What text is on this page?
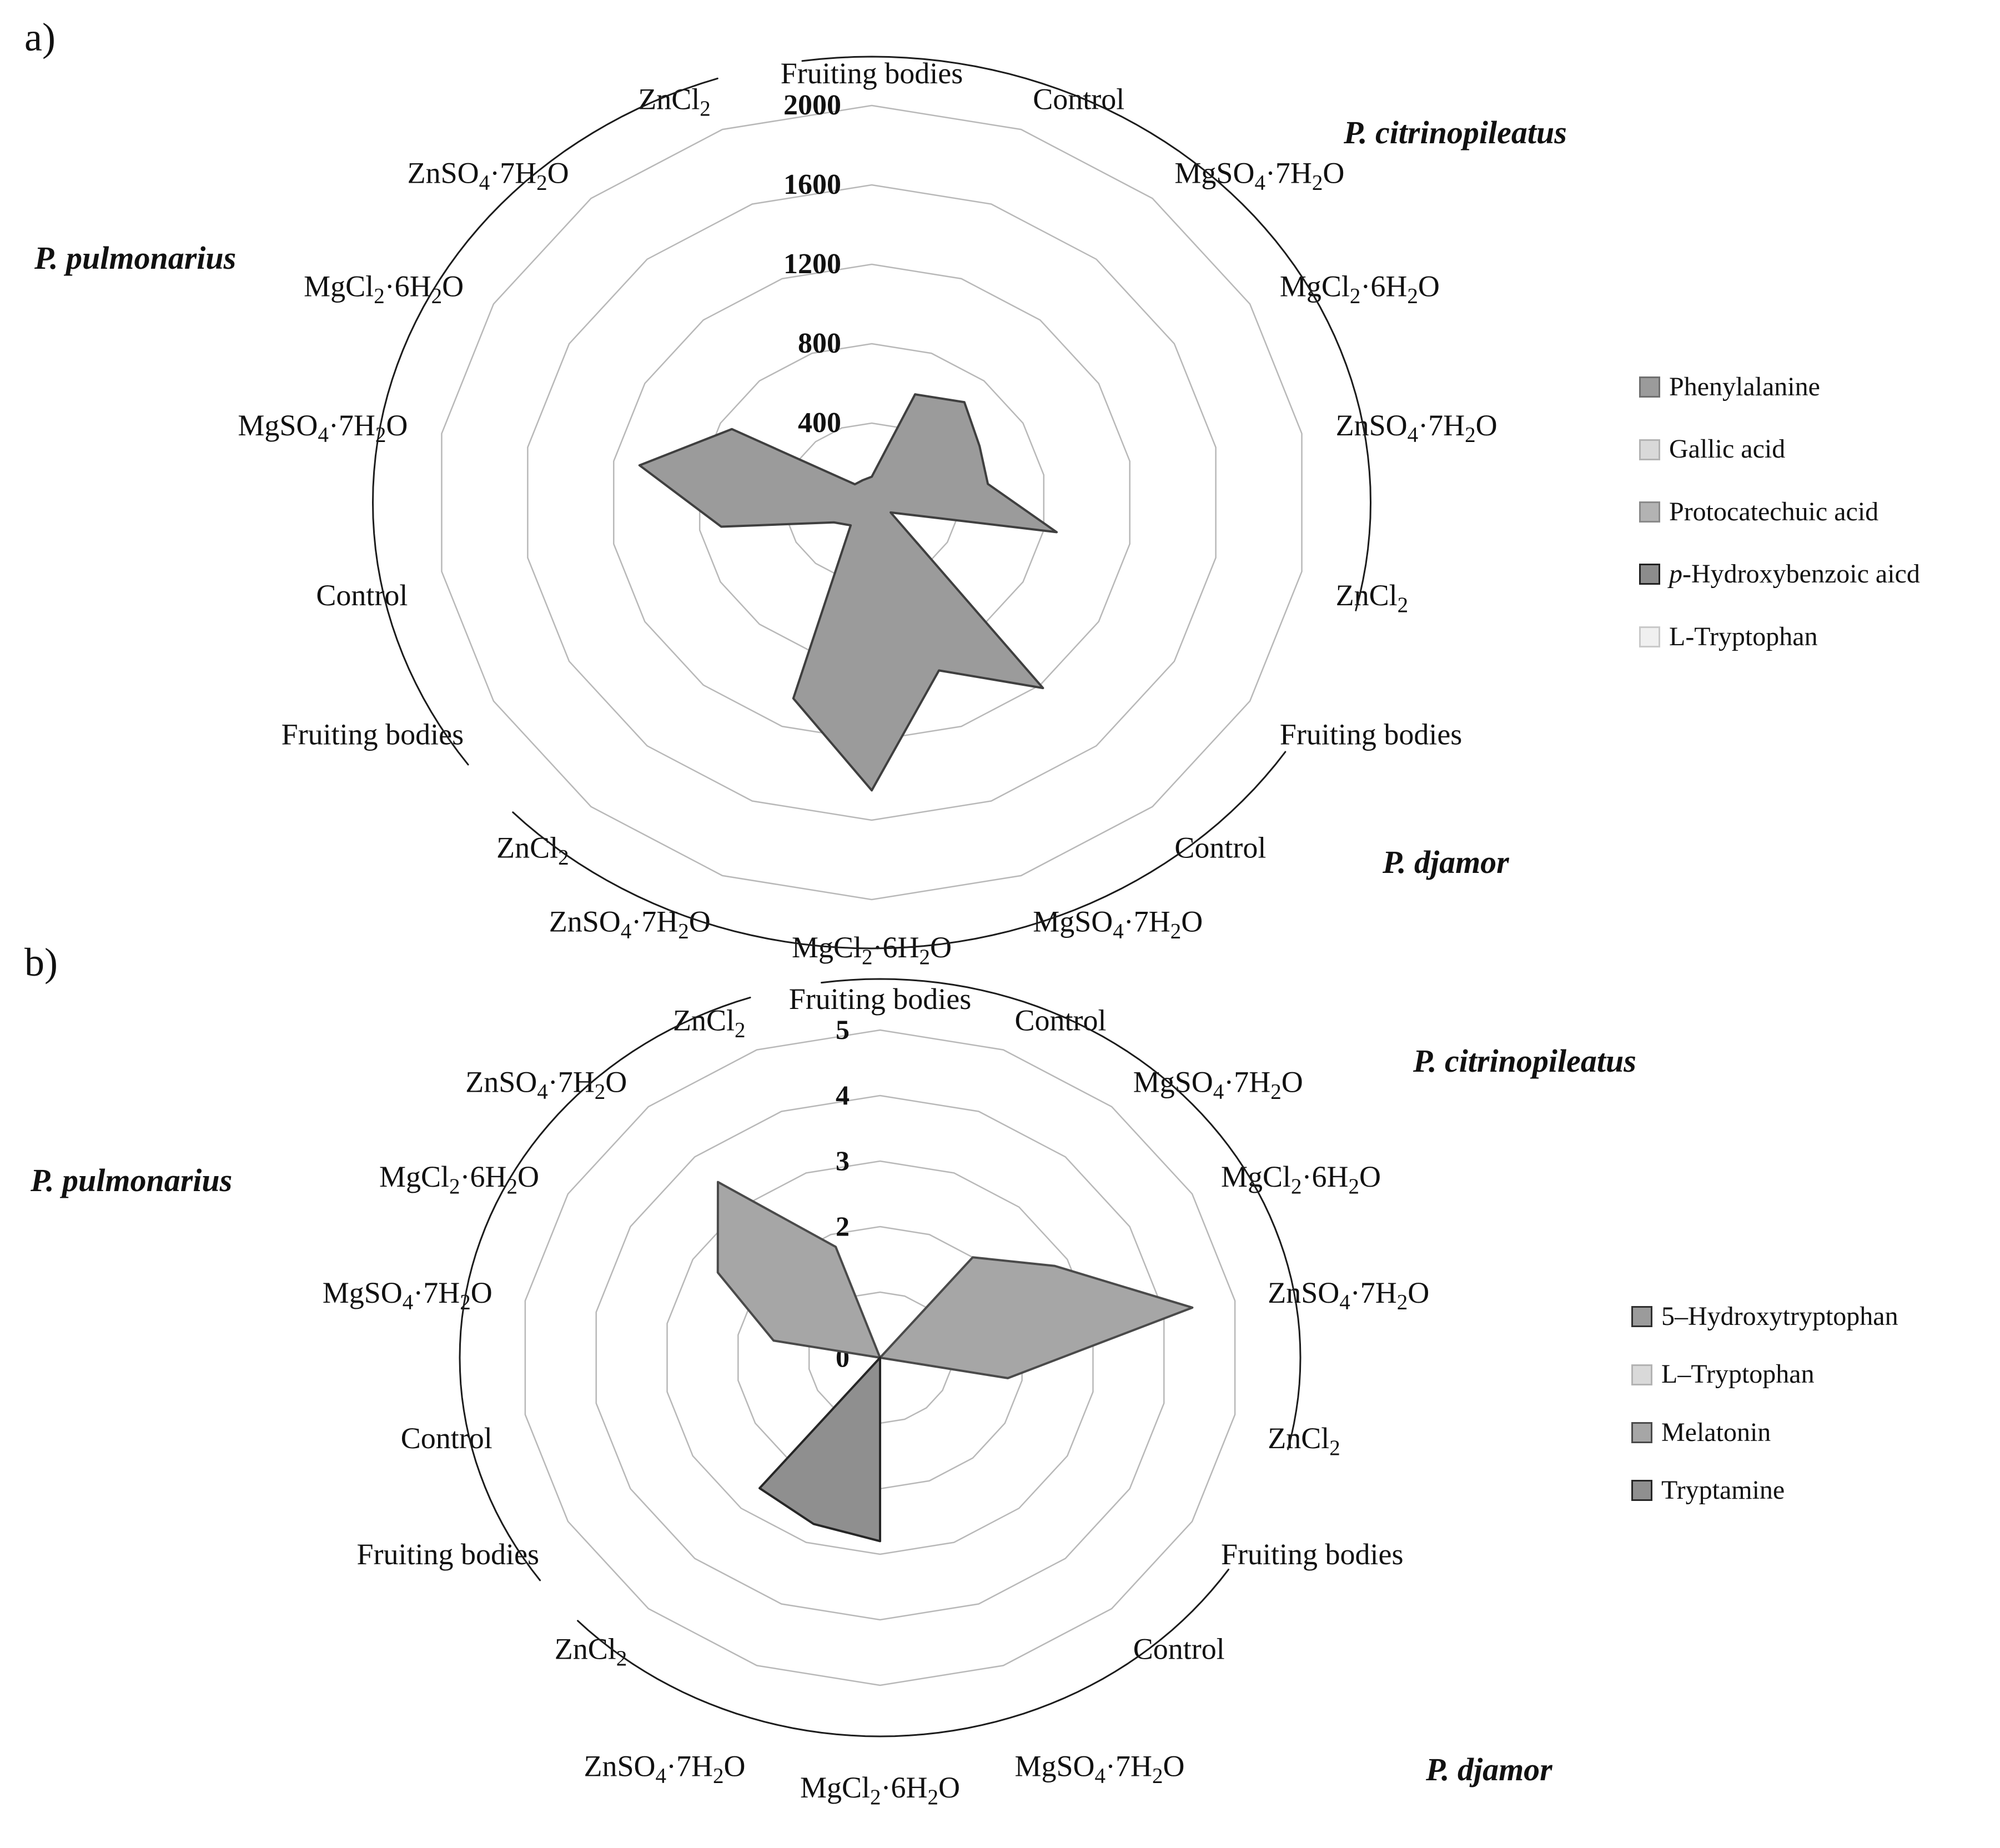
a)
b)
400
800
1200
1600
2000
Fruiting bodies
Control
$MgSO_4\cdot 7H_2O$
$MgCl_2\cdot 6H_2O$
$ZnSO_4\cdot 7H_2O$
ZnCl$_2$
Fruiting bodies
Control
$MgSO_4\cdot 7H_2O$
$MgCl_2\cdot 6H_2O$
$ZnSO_4\cdot 7H_2O$
ZnCl$_2$
Fruiting bodies
Control
$MgSO_4\cdot 7H_2O$
$MgCl_2\cdot 6H_2O$
$ZnSO_4\cdot 7H_2O$
ZnCl$_2$
P. citrinopileatus
P. djamor
P. pulmonarius
0
2
3
4
5
Fruiting bodies
Control
$MgSO_4\cdot 7H_2O$
$MgCl_2\cdot 6H_2O$
$ZnSO_4\cdot 7H_2O$
ZnCl$_2$
Fruiting bodies
Control
$MgSO_4\cdot 7H_2O$
$MgCl_2\cdot 6H_2O$
$ZnSO_4\cdot 7H_2O$
ZnCl$_2$
Fruiting bodies
Control
$MgSO_4\cdot 7H_2O$
$MgCl_2\cdot 6H_2O$
$ZnSO_4\cdot 7H_2O$
ZnCl$_2$
P. citrinopileatus
P. djamor
P. pulmonarius
Phenylalanine
Gallic acid
Protocatechuic acid
p-Hydroxybenzoic aicd
L-Tryptophan
5–Hydroxytryptophan
L–Tryptophan
Melatonin
Tryptamine
